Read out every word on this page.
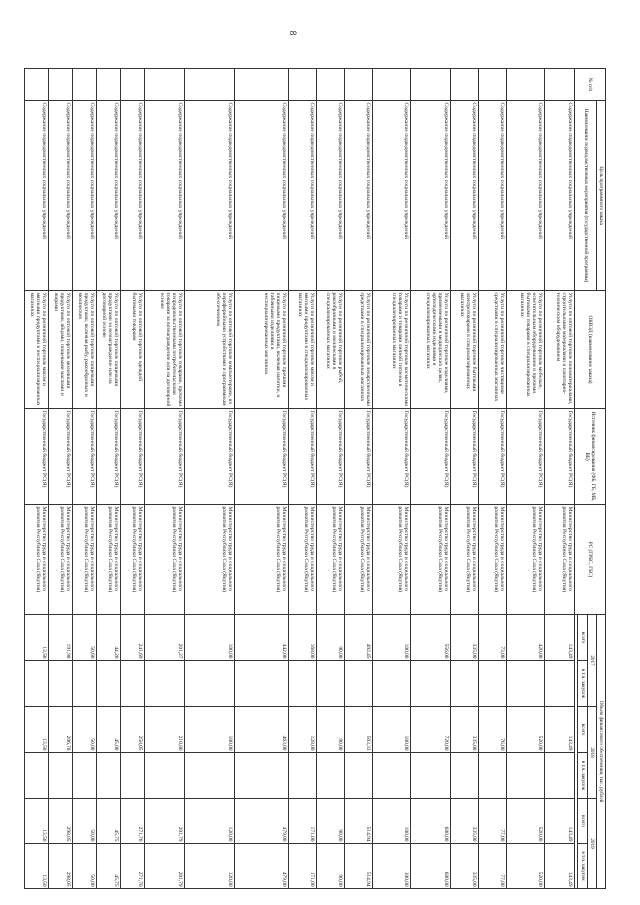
8
№ п/п	Цель программного заказа	ОКВЭД (наименование заказа)	Источник финансирования (ФБ, ГБ, МБ, ВБ)	РС (ГРБС, ГБС)	Объем финансового обеспечения, тыс. рублей					
	Наименование подведомственных мероприятия (государственной программы)				2017		2018		2019	
					всего	в т.ч. закупок	всего	в т.ч. закупок	всего	в т.ч. закупок

	Содержание подведомственных социальных учреждений	Услуги по оптовой торговле пиломатериалами, строительными материалами и санитарно-техническим оборудованием	Государственный бюджет РС(Я)	Министерство труда и социального развития Республики Саха (Якутия)	143,49		143,49		143,49	143,49
	Содержание подведомственных социальных учреждений	Услуги по розничной торговле мебелью, осветительным оборудованием и прочими бытовыми товарами в специализированных магазинах	Государственный бюджет РС(Я)	Министерство труда и социального развития Республики Саха (Якутия)	420,00		520,00		520,00	520,00
	Содержание подведомственных социальных учреждений	Услуги по розничной торговле чистящими средствами в специализированных магазинах	Государственный бюджет РС(Я)	Министерство труда и социального развития Республики Саха (Якутия)	73,00		76,00		77,00	77,00
	Содержание подведомственных социальных учреждений	Услуги по розничной торговле бытовыми электротоварами в специализированных магазинах	Государственный бюджет РС(Я)	Министерство труда и социального развития Республики Саха (Якутия)	335,00		335,00		335,00	335,00
	Содержание подведомственных социальных учреждений	Услуги по розничной торговле изделиями, применяемыми в медицинских целях, ортопедическими изделиями в специализированных магазинах	Государственный бюджет РС(Я)	Министерство труда и социального развития Республики Саха (Якутия)	556,00		720,00		680,00	680,00
	Содержание подведомственных социальных учреждений	Услуги по розничной торговле косметическими товарами и товарами личной гигиены в специализированных магазинах	Государственный бюджет РС(Я)	Министерство труда и социального развития Республики Саха (Якутия)	100,00		100,00		100,00	100,00
	Содержание подведомственных социальных учреждений	Услуги по розничной торговле лекарственными средствами в специализированных магазинах	Государственный бюджет РС(Я)	Министерство труда и социального развития Республики Саха (Якутия)	492,45		503,33		514,94	514,94
	Содержание подведомственных социальных учреждений	Услуги по розничной торговле рыбой, ракообразными и моллюсками в специализированных магазинах	Государственный бюджет РС(Я)	Министерство труда и социального развития Республики Саха (Якутия)	90,00		90,00		90,00	90,00
	Содержание подведомственных социальных учреждений	Услуги по розничной торговле мясом и мясными продуктами в специализированных магазинах	Государственный бюджет РС(Я)	Министерство труда и социального развития Республики Саха (Якутия)	168,00		128,00		171,00	171,00
	Содержание подведомственных социальных учреждений	Услуги по розничной торговле прочими пищевыми продуктами, включая напитки, и табачными изделиями в неспециализированных магазинах	Государственный бюджет РС(Я)	Министерство труда и социального развития Республики Саха (Якутия)	442,00		463,00		479,00	479,00
	Содержание подведомственных социальных учреждений	Услуги по оптовой торговле компьютерами, их периферийными устройствами и программным обеспечением	Государственный бюджет РС(Я)	Министерство труда и социального развития Республики Саха (Якутия)	100,00		100,00		120,00	120,00
	Содержание подведомственных социальных учреждений	Услуги по оптовой торговле товарами, прочими непродовольственными потребительскими товарами за вознаграждение или на договорной основе	Государственный бюджет РС(Я)	Министерство труда и социального развития Республики Саха (Якутия)	201,27		210,80		201,79	201,79
	Содержание подведомственных социальных учреждений	Услуги по оптовой торговле одеждой бытовыми товарами	Государственный бюджет РС(Я)	Министерство труда и социального развития Республики Саха (Якутия)	241,69		258,05		271,70	271,70
	Содержание подведомственных социальных учреждений	Услуги по оптовой торговле пищевыми продуктами за вознаграждение или на договорной основе	Государственный бюджет РС(Я)	Министерство труда и социального развития Республики Саха (Якутия)	44,20		45,00		45,75	45,75
	Содержание подведомственных социальных учреждений	Услуги по оптовой торговле пищевыми продуктами, включая рыбу, ракообразных и моллюсков	Государственный бюджет РС(Я)	Министерство труда и социального развития Республики Саха (Якутия)	50,60		50,00		50,00	50,00
	Содержание подведомственных социальных учреждений	Услуги по оптовой торговле молочными продуктами, яйцами, пищевыми маслами и жирами	Государственный бюджет РС(Я)	Министерство труда и социального развития Республики Саха (Якутия)	191,98		206,78		298,05	298,05
	Содержание подведомственных социальных учреждений	Услуги по розничной торговле мясом и мясными продуктами в неспециализированных магазинах	Государственный бюджет РС(Я)	Министерство труда и социального развития Республики Саха (Якутия)	13,50		13,50		13,50	13,50
